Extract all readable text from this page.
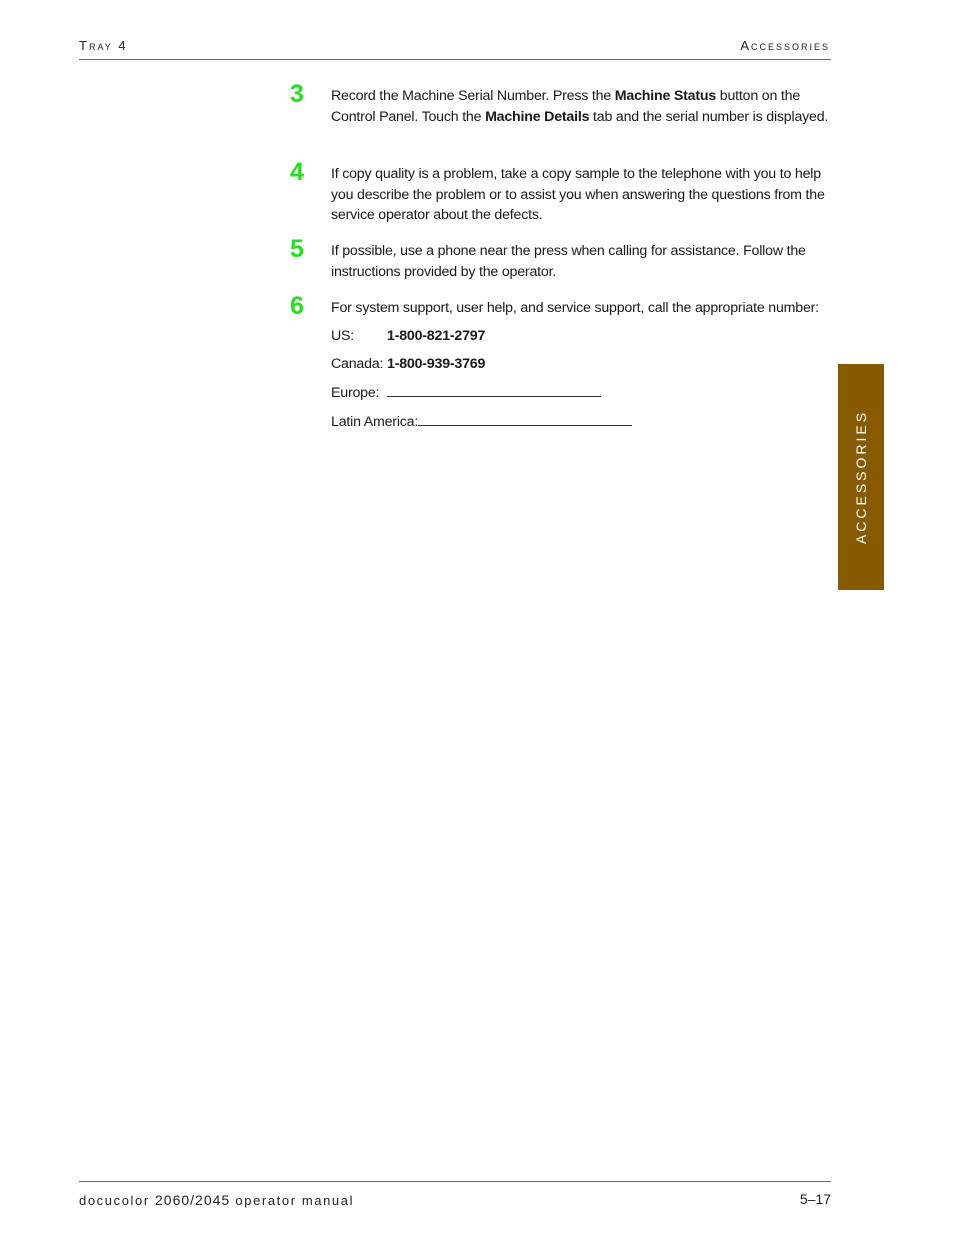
Tray 4	Accessories
ACCESSORIES
3 Record the Machine Serial Number. Press the Machine Status button on the Control Panel. Touch the Machine Details tab and the serial number is displayed.
4 If copy quality is a problem, take a copy sample to the telephone with you to help you describe the problem or to assist you when answering the questions from the service operator about the defects.
5 If possible, use a phone near the press when calling for assistance. Follow the instructions provided by the operator.
6 For system support, user help, and service support, call the appropriate number:
US: 1-800-821-2797
Canada: 1-800-939-3769
Europe:
Latin America:
docucolor 2060/2045 operator manual	5–17
